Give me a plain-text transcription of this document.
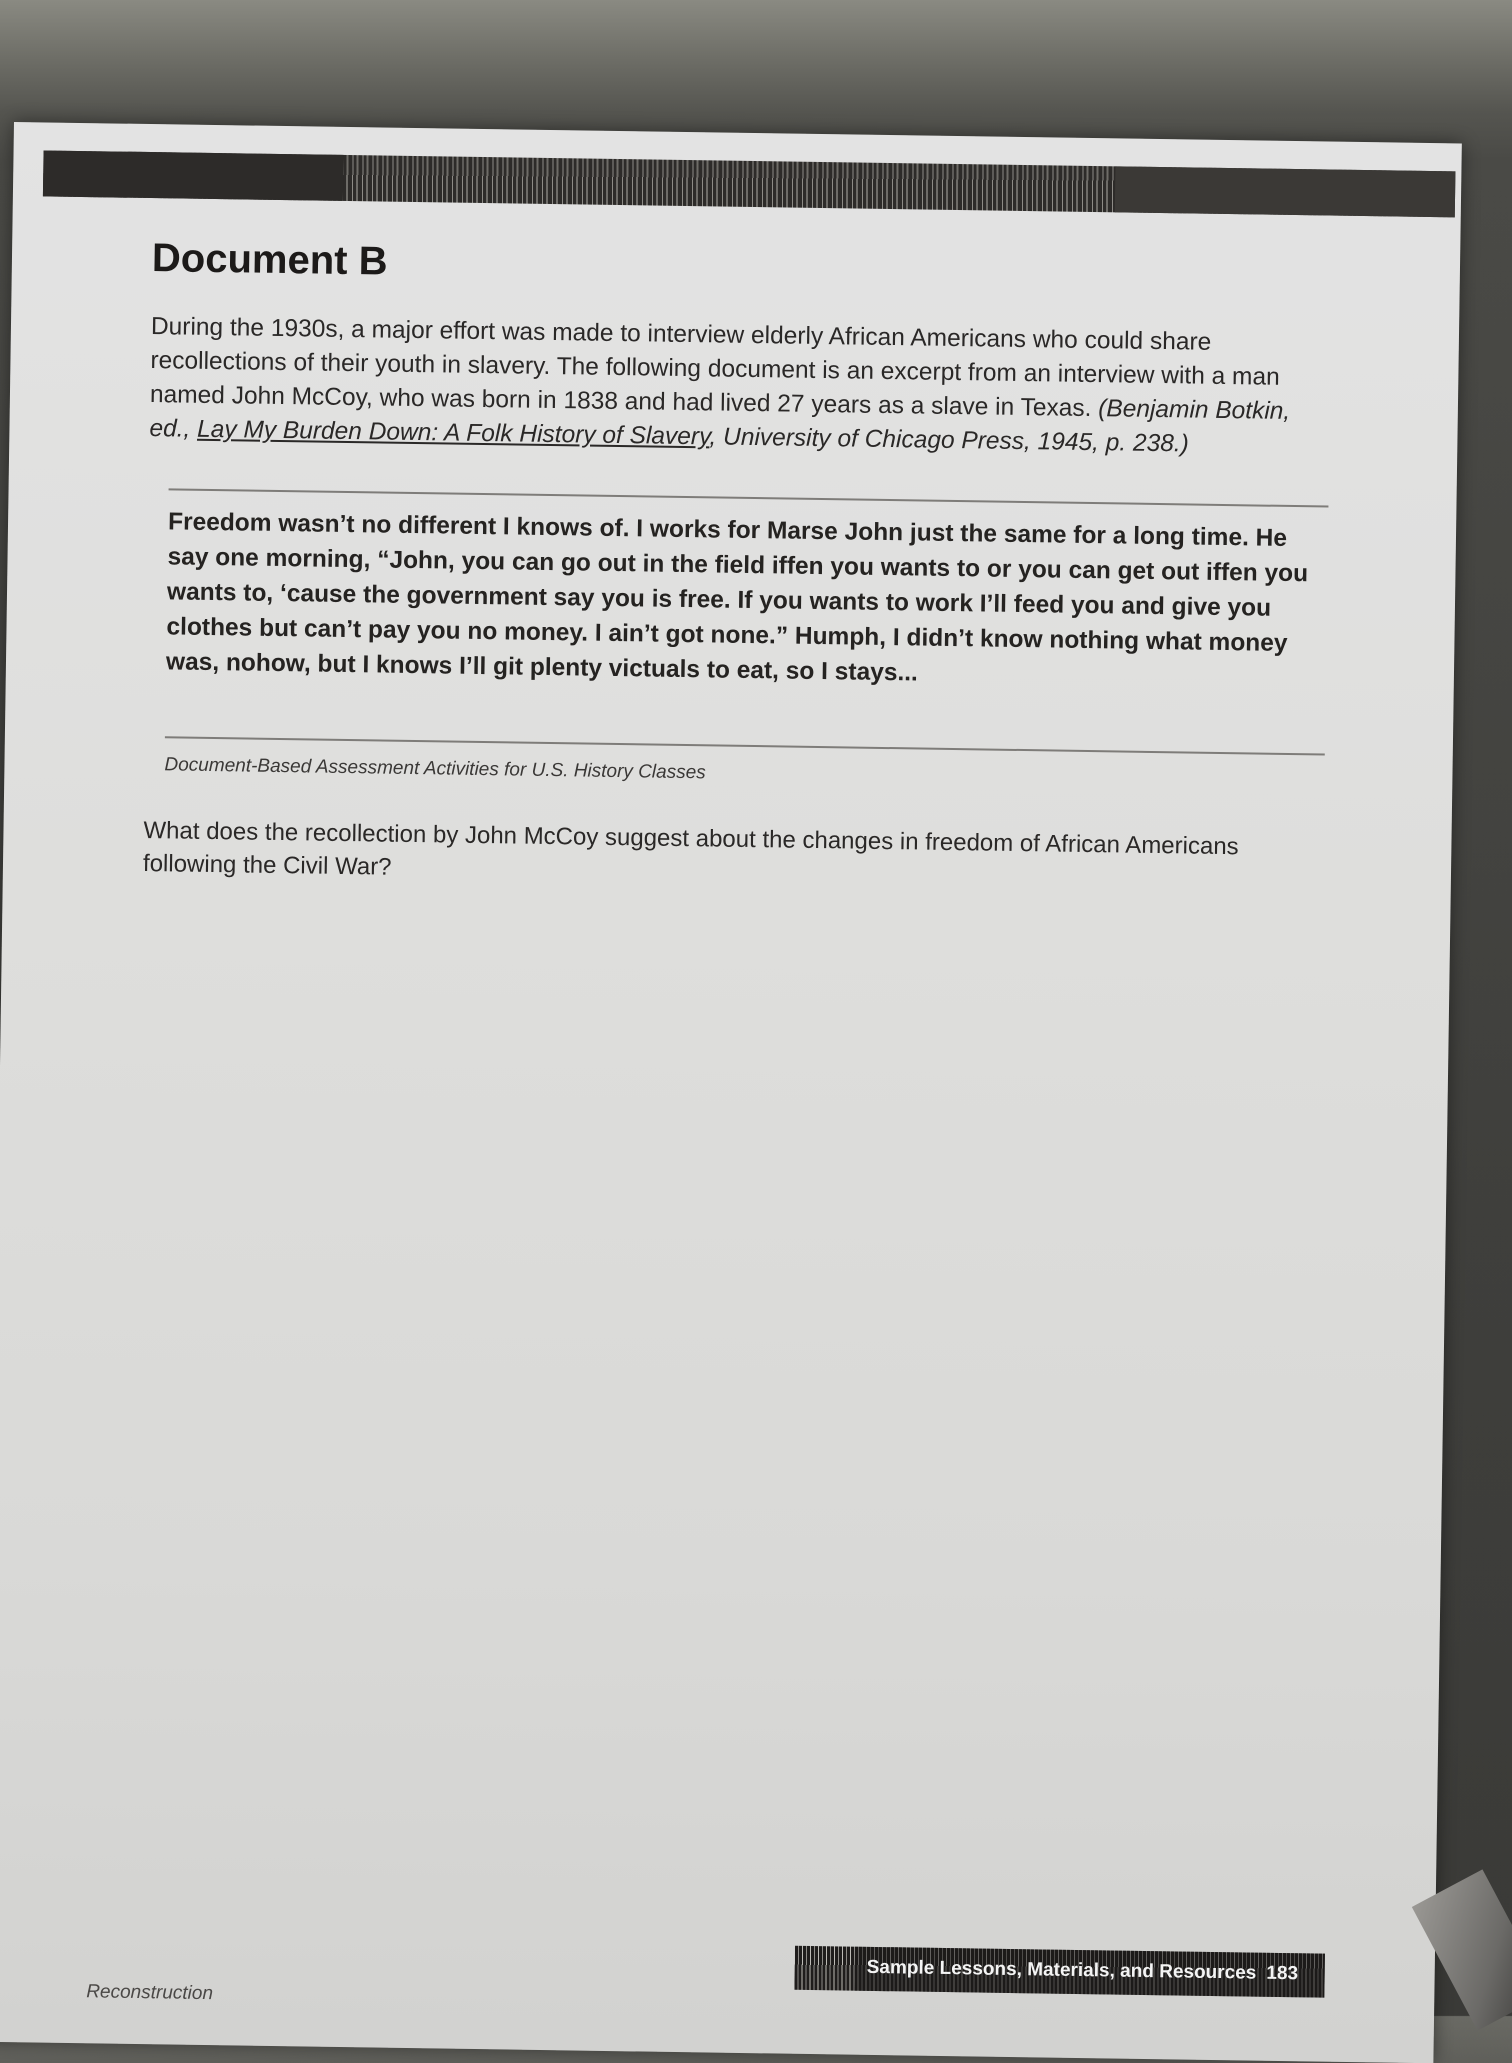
Document B

During the 1930s, a major effort was made to interview elderly African Americans who could share recollections of their youth in slavery. The following document is an excerpt from an interview with a man named John McCoy, who was born in 1838 and had lived 27 years as a slave in Texas. (Benjamin Botkin, ed., Lay My Burden Down: A Folk History of Slavery, University of Chicago Press, 1945, p. 238.)

Freedom wasn’t no different I knows of. I works for Marse John just the same for a long time. He say one morning, “John, you can go out in the field iffen you wants to or you can get out iffen you wants to, ‘cause the government say you is free. If you wants to work I’ll feed you and give you clothes but can’t pay you no money. I ain’t got none.” Humph, I didn’t know nothing what money was, nohow, but I knows I’ll git plenty victuals to eat, so I stays...

Document-Based Assessment Activities for U.S. History Classes

What does the recollection by John McCoy suggest about the changes in freedom of African Americans following the Civil War?

Sample Lessons, Materials, and Resources 183
Reconstruction
